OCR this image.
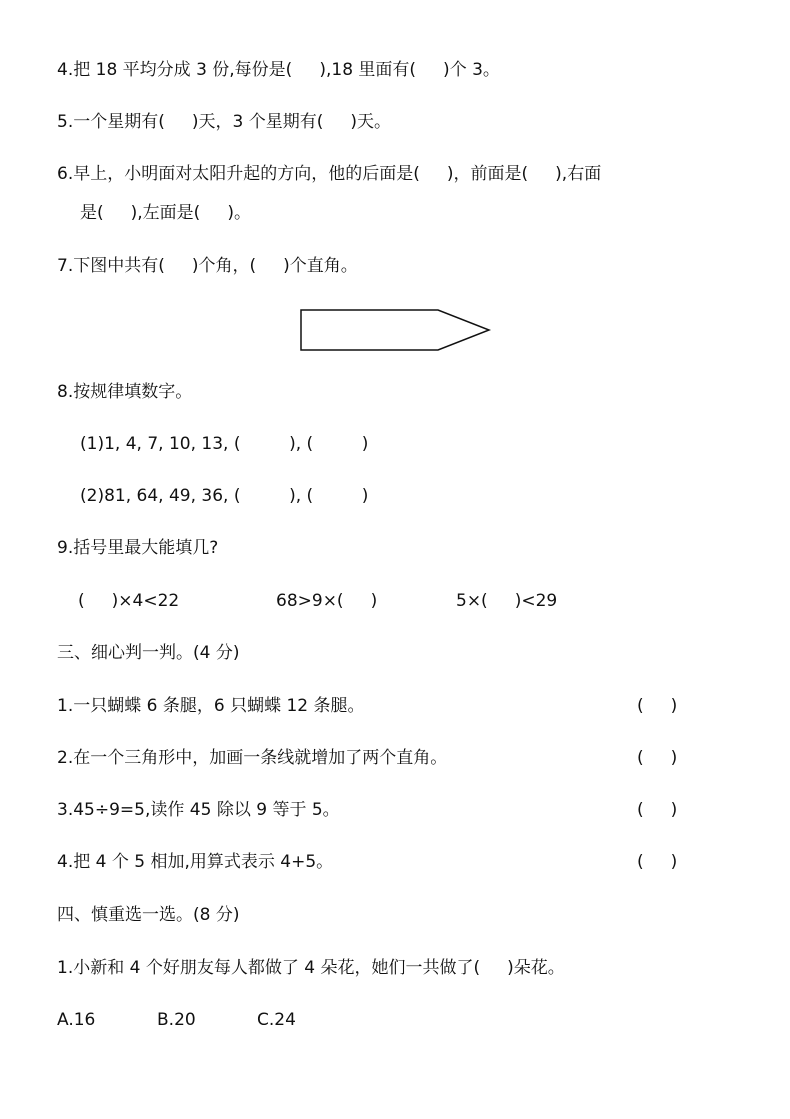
4.把 18 平均分成 3 份,每份是(     ),18 里面有(     )个 3。
5.一个星期有(     )天，3 个星期有(     )天。
6.早上，小明面对太阳升起的方向，他的后面是(     )，前面是(     ),右面
是(     ),左面是(     )。
7.下图中共有(     )个角，(     )个直角。
8.按规律填数字。
(1)1, 4, 7, 10, 13, (         ), (         )
(2)81, 64, 49, 36, (         ), (         )
9.括号里最大能填几?
(     )×4<22	68>9×(     )	5×(     )<29
三、细心判一判。(4 分)
1.一只蝴蝶 6 条腿，6 只蝴蝶 12 条腿。	(     )
2.在一个三角形中，加画一条线就增加了两个直角。	(     )
3.45÷9=5,读作 45 除以 9 等于 5。	(     )
4.把 4 个 5 相加,用算式表示 4+5。	(     )
四、慎重选一选。(8 分)
1.小新和 4 个好朋友每人都做了 4 朵花，她们一共做了(     )朵花。
A.16	B.20	C.24
